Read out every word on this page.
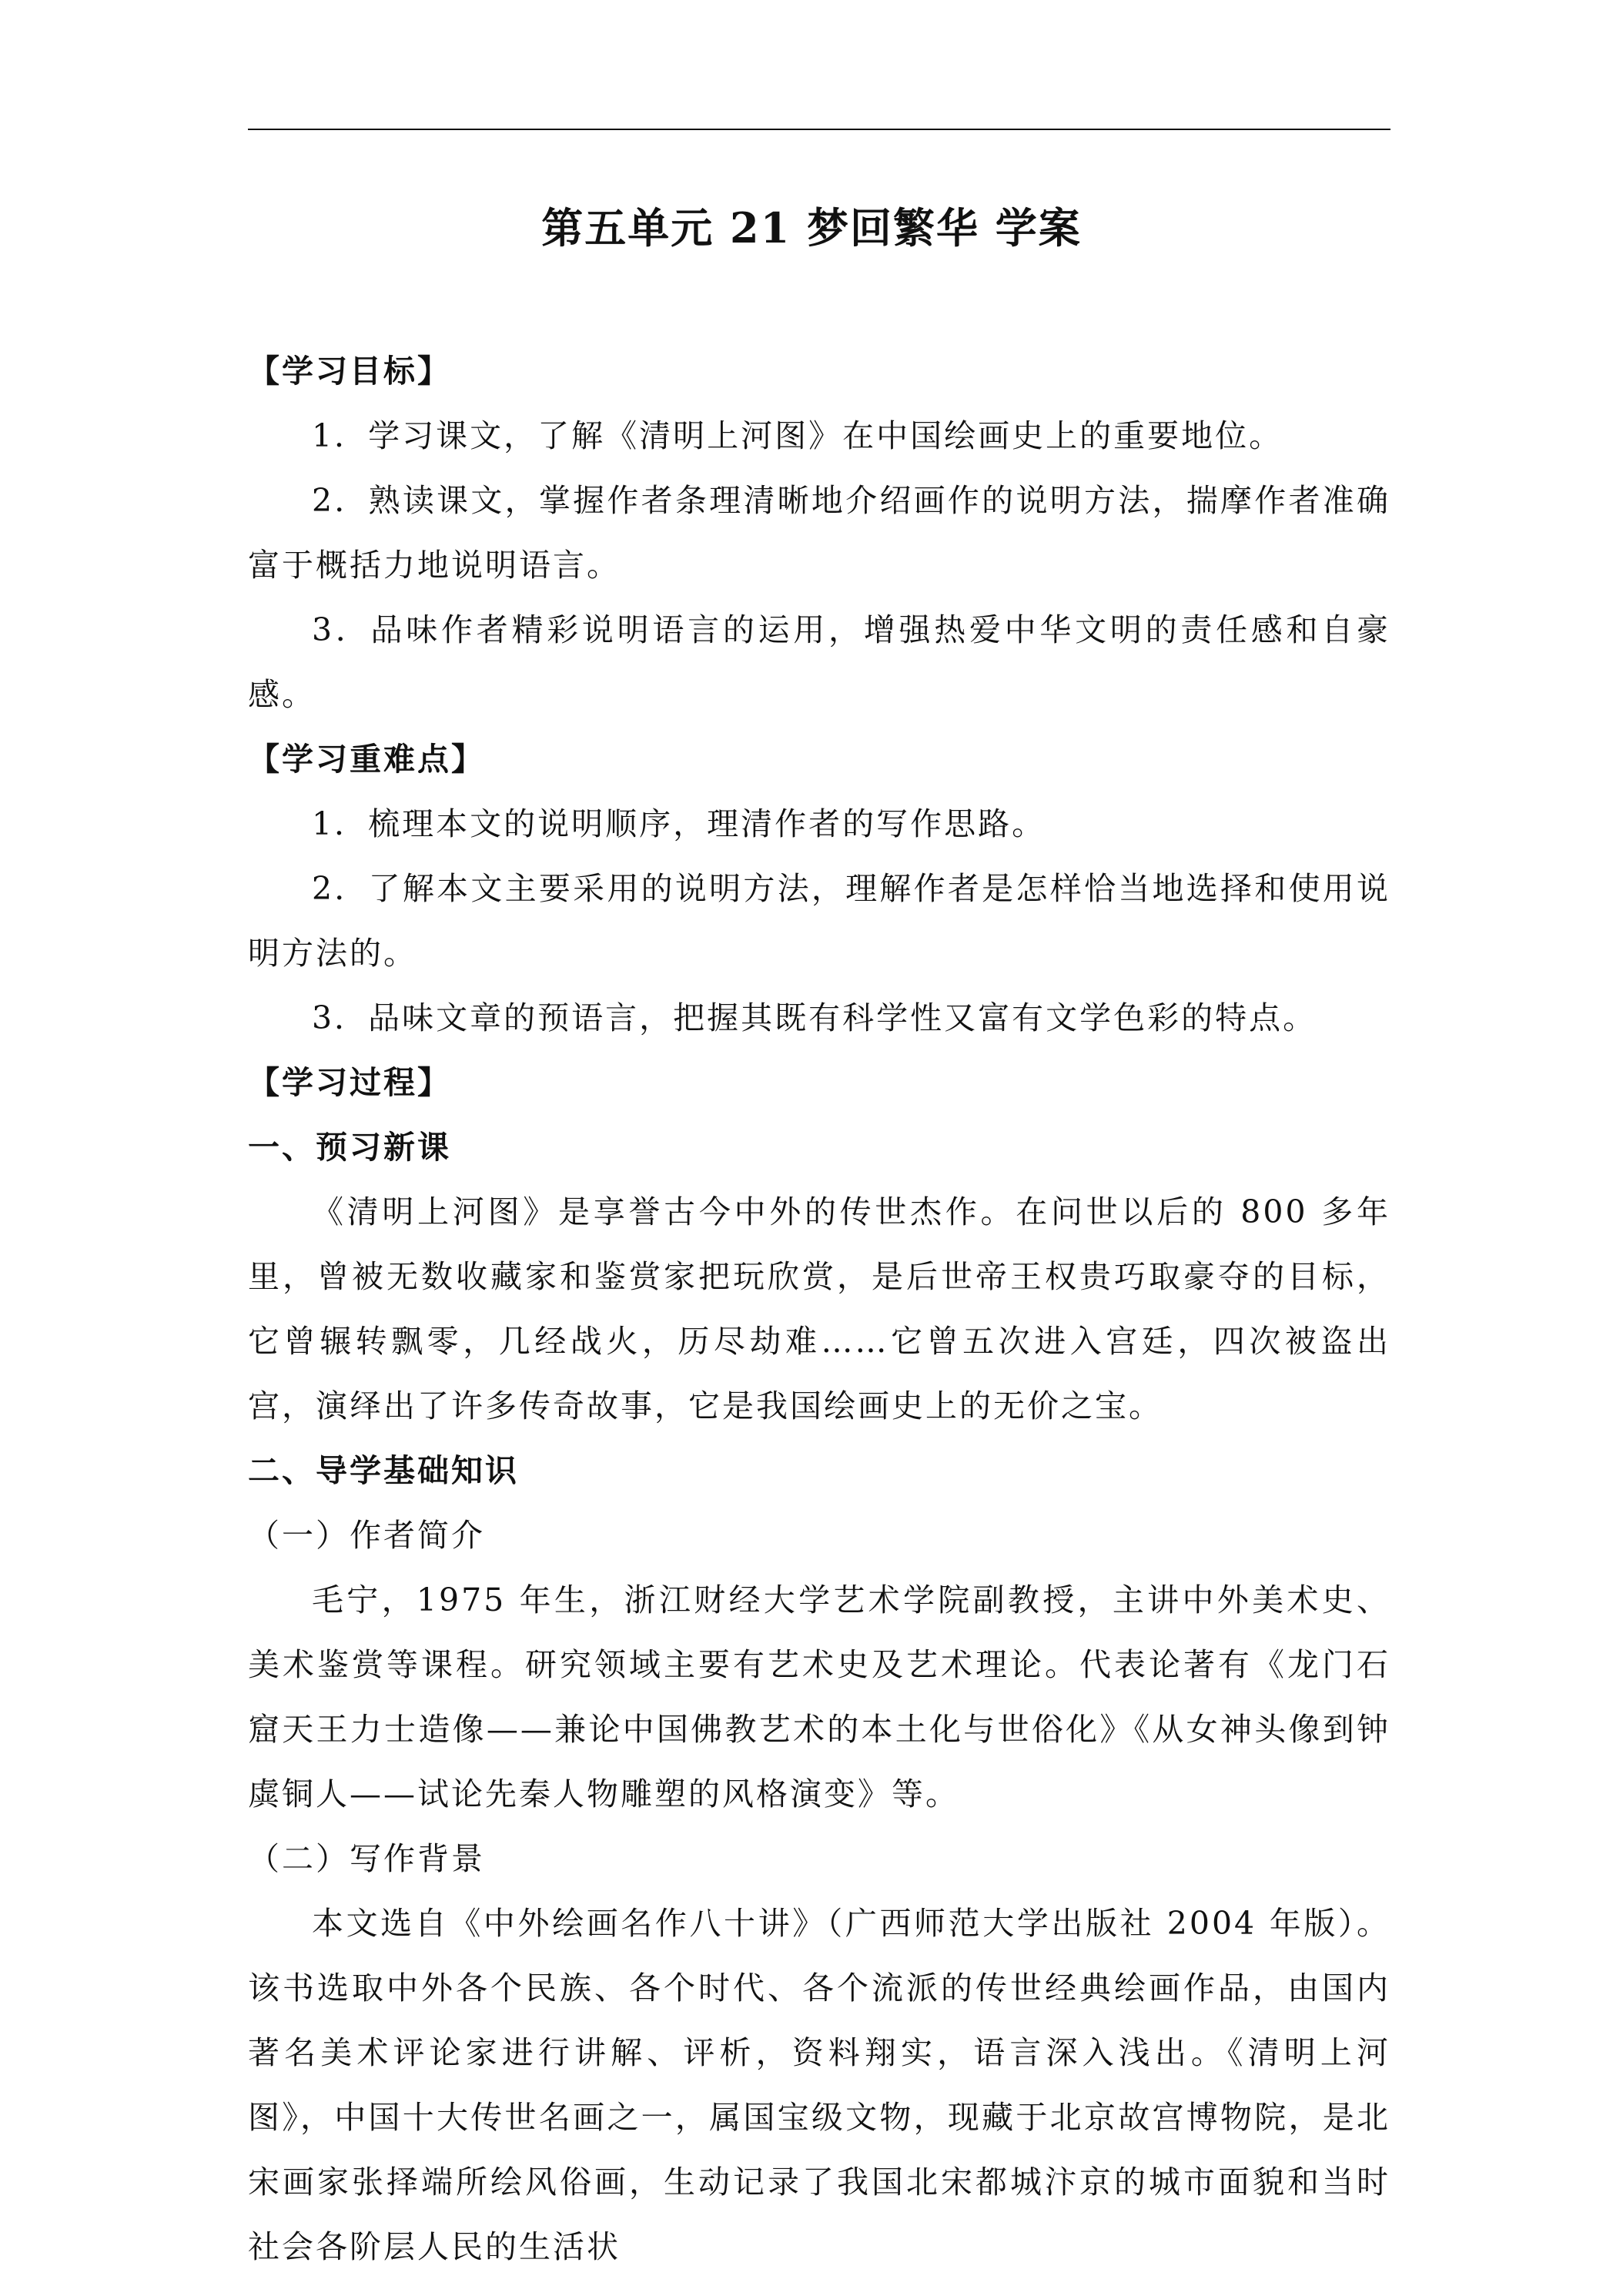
第五单元 21 梦回繁华 学案

【学习目标】

1．学习课文，了解《清明上河图》在中国绘画史上的重要地位。

2．熟读课文，掌握作者条理清晰地介绍画作的说明方法，揣摩作者准确富于概括力地说明语言。

3．品味作者精彩说明语言的运用，增强热爱中华文明的责任感和自豪感。

【学习重难点】

1．梳理本文的说明顺序，理清作者的写作思路。

2．了解本文主要采用的说明方法，理解作者是怎样恰当地选择和使用说明方法的。

3．品味文章的预语言，把握其既有科学性又富有文学色彩的特点。

【学习过程】

一、预习新课

《清明上河图》是享誉古今中外的传世杰作。在问世以后的 800 多年里，曾被无数收藏家和鉴赏家把玩欣赏，是后世帝王权贵巧取豪夺的目标，它曾辗转飘零，几经战火，历尽劫难……它曾五次进入宫廷，四次被盗出宫，演绎出了许多传奇故事，它是我国绘画史上的无价之宝。

二、导学基础知识

（一）作者简介

毛宁，1975 年生，浙江财经大学艺术学院副教授，主讲中外美术史、美术鉴赏等课程。研究领域主要有艺术史及艺术理论。代表论著有《龙门石窟天王力士造像——兼论中国佛教艺术的本土化与世俗化》《从女神头像到钟虡铜人——试论先秦人物雕塑的风格演变》等。

（二）写作背景

本文选自《中外绘画名作八十讲》（广西师范大学出版社 2004 年版）。该书选取中外各个民族、各个时代、各个流派的传世经典绘画作品，由国内著名美术评论家进行讲解、评析，资料翔实，语言深入浅出。《清明上河图》，中国十大传世名画之一，属国宝级文物，现藏于北京故宫博物院，是北宋画家张择端所绘风俗画，生动记录了我国北宋都城汴京的城市面貌和当时社会各阶层人民的生活状
